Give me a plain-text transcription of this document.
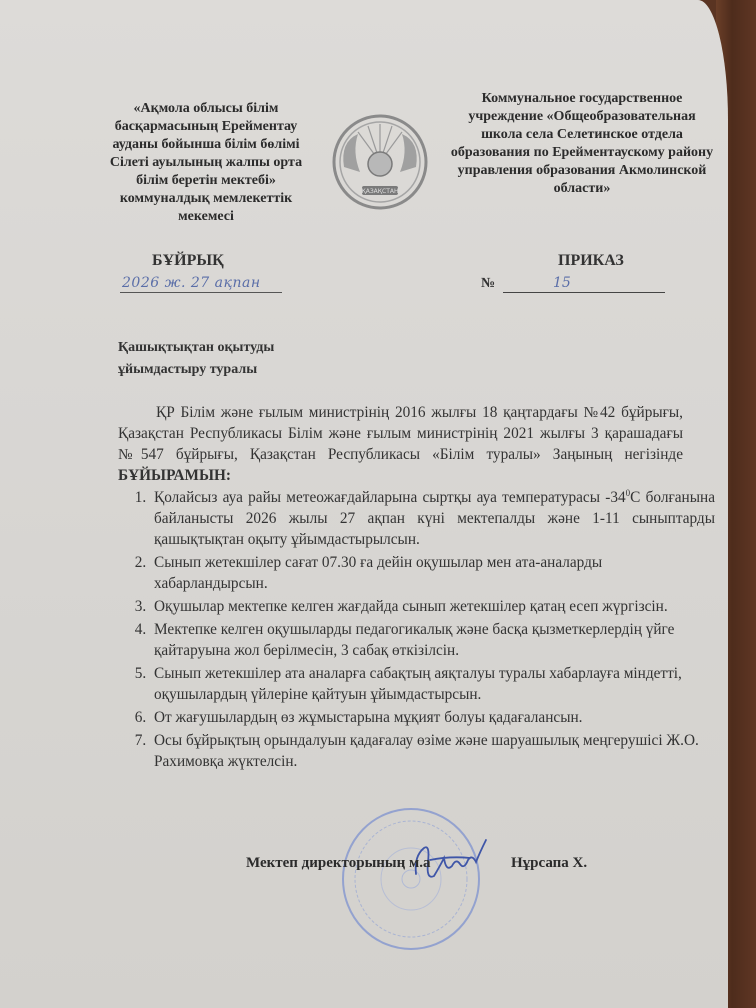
«Ақмола облысы білім басқармасының Ерейментау ауданы бойынша білім бөлімі Сілеті ауылының жалпы орта білім беретін мектебі» коммуналдық мемлекеттік мекемесі
ҚАЗАҚСТАН
Коммунальное государственное учреждение «Общеобразовательная школа села Селетинское отдела образования по Ерейментаускому району управления образования Акмолинской области»
БҰЙРЫҚ	ПРИКАЗ
2026 ж. 27 ақпан	№	15
Қашықтықтан оқытуды
ұйымдастыру туралы
ҚР Білім және ғылым министрінің 2016 жылғы 18 қаңтардағы №42 бұйрығы, Қазақстан Республикасы Білім және ғылым министрінің 2021 жылғы 3 қарашадағы №547 бұйрығы, Қазақстан Республикасы «Білім туралы» Заңының негізінде БҰЙЫРАМЫН:
1. Қолайсыз ауа райы метеожағдайларына сыртқы ауа температурасы $-34^0С$ болғанына байланысты 2026 жылы 27 ақпан күні мектепалды және 1-11 сыныптарды қашықтықтан оқыту ұйымдастырылсын.
2. Сынып жетекшілер сағат 07.30 ға дейін оқушылар мен ата-аналарды хабарландырсын.
3. Оқушылар мектепке келген жағдайда сынып жетекшілер қатаң есеп жүргізсін.
4. Мектепке келген оқушыларды педагогикалық және басқа қызметкерлердің үйге қайтаруына жол берілмесін, 3 сабақ өткізілсін.
5. Сынып жетекшілер ата аналарға сабақтың аяқталуы туралы хабарлауға міндетті, оқушылардың үйлеріне қайтуын ұйымдастырсын.
6. От жағушылардың өз жұмыстарына мұқият болуы қадағалансын.
7. Осы бұйрықтың орындалуын қадағалау өзіме және шаруашылық меңгерушісі Ж.О. Рахимовқа жүктелсін.
Мектеп директорының м.а	Нұрсапа Х.
